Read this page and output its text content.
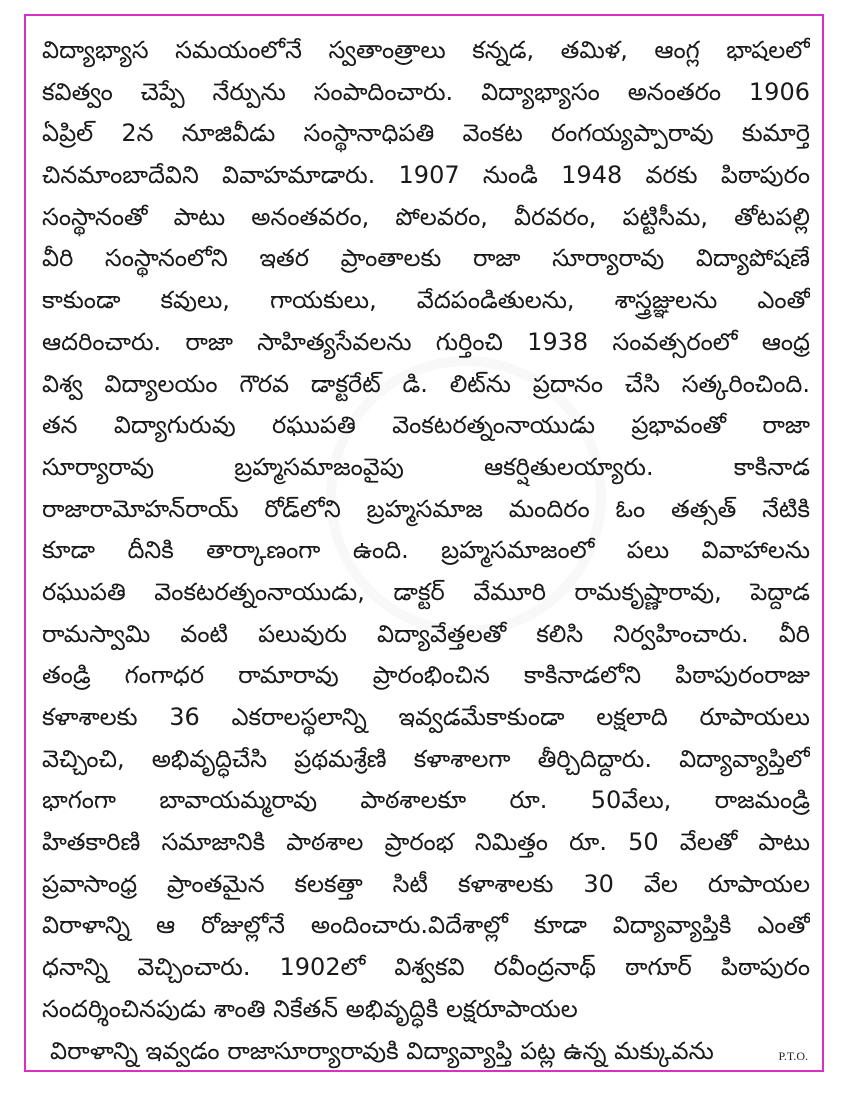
విద్యాభ్యాస సమయంలోనే స్వతాంత్రాలు కన్నడ, తమిళ, ఆంగ్ల భాషలలో
కవిత్వం చెప్పే నేర్పును సంపాదించారు. విద్యాభ్యాసం అనంతరం 1906
ఏప్రిల్ 2న నూజివీడు సంస్థానాధిపతి వెంకట రంగయ్యప్పారావు కుమార్తె
చినమాంబాదేవిని వివాహమాడారు. 1907 నుండి 1948 వరకు పిఠాపురం
సంస్థానంతో పాటు అనంతవరం, పోలవరం, వీరవరం, పట్టిసీమ, తోటపల్లి
వీరి సంస్థానంలోని ఇతర ప్రాంతాలకు రాజా సూర్యారావు విద్యాపోషణే
కాకుండా కవులు, గాయకులు, వేదపండితులను, శాస్త్రజ్ఞులను ఎంతో
ఆదరించారు. రాజా సాహిత్యసేవలను గుర్తించి 1938 సంవత్సరంలో ఆంధ్ర
విశ్వ విద్యాలయం గౌరవ డాక్టరేట్ డి. లిట్‌ను ప్రదానం చేసి సత్కరించింది.
తన విద్యాగురువు రఘుపతి వెంకటరత్నంనాయుడు ప్రభావంతో రాజా
సూర్యారావు బ్రహ్మసమాజంవైపు ఆకర్షితులయ్యారు. కాకినాడ
రాజారామోహన్‌రాయ్ రోడ్‌లోని బ్రహ్మసమాజ మందిరం ఓం తత్సత్ నేటికి
కూడా దీనికి తార్కాణంగా ఉంది. బ్రహ్మసమాజంలో పలు వివాహాలను
రఘుపతి వెంకటరత్నంనాయుడు, డాక్టర్ వేమూరి రామకృష్ణారావు, పెద్దాడ
రామస్వామి వంటి పలువురు విద్యావేత్తలతో కలిసి నిర్వహించారు. వీరి
తండ్రి గంగాధర రామారావు ప్రారంభించిన కాకినాడలోని పిఠాపురంరాజు
కళాశాలకు 36 ఎకరాలస్థలాన్ని ఇవ్వడమేకాకుండా లక్షలాది రూపాయలు
వెచ్చించి, అభివృద్ధిచేసి ప్రథమశ్రేణి కళాశాలగా తీర్చిదిద్దారు. విద్యావ్యాప్తిలో
భాగంగా బావాయమ్మరావు పాఠశాలకూ రూ. 50వేలు, రాజమండ్రి
హితకారిణి సమాజానికి పాఠశాల ప్రారంభ నిమిత్తం రూ. 50 వేలతో పాటు
ప్రవాసాంధ్ర ప్రాంతమైన కలకత్తా సిటీ కళాశాలకు 30 వేల రూపాయల
విరాళాన్ని ఆ రోజుల్లోనే అందించారు.విదేశాల్లో కూడా విద్యావ్యాప్తికి ఎంతో
ధనాన్ని వెచ్చించారు. 1902లో విశ్వకవి రవీంద్రనాథ్ ఠాగూర్ పిఠాపురం
సందర్శించినపుడు శాంతి నికేతన్ అభివృద్ధికి లక్షరూపాయల
విరాళాన్ని ఇవ్వడం రాజాసూర్యారావుకి విద్యావ్యాప్తి పట్ల ఉన్న మక్కువను	P.T.O.
